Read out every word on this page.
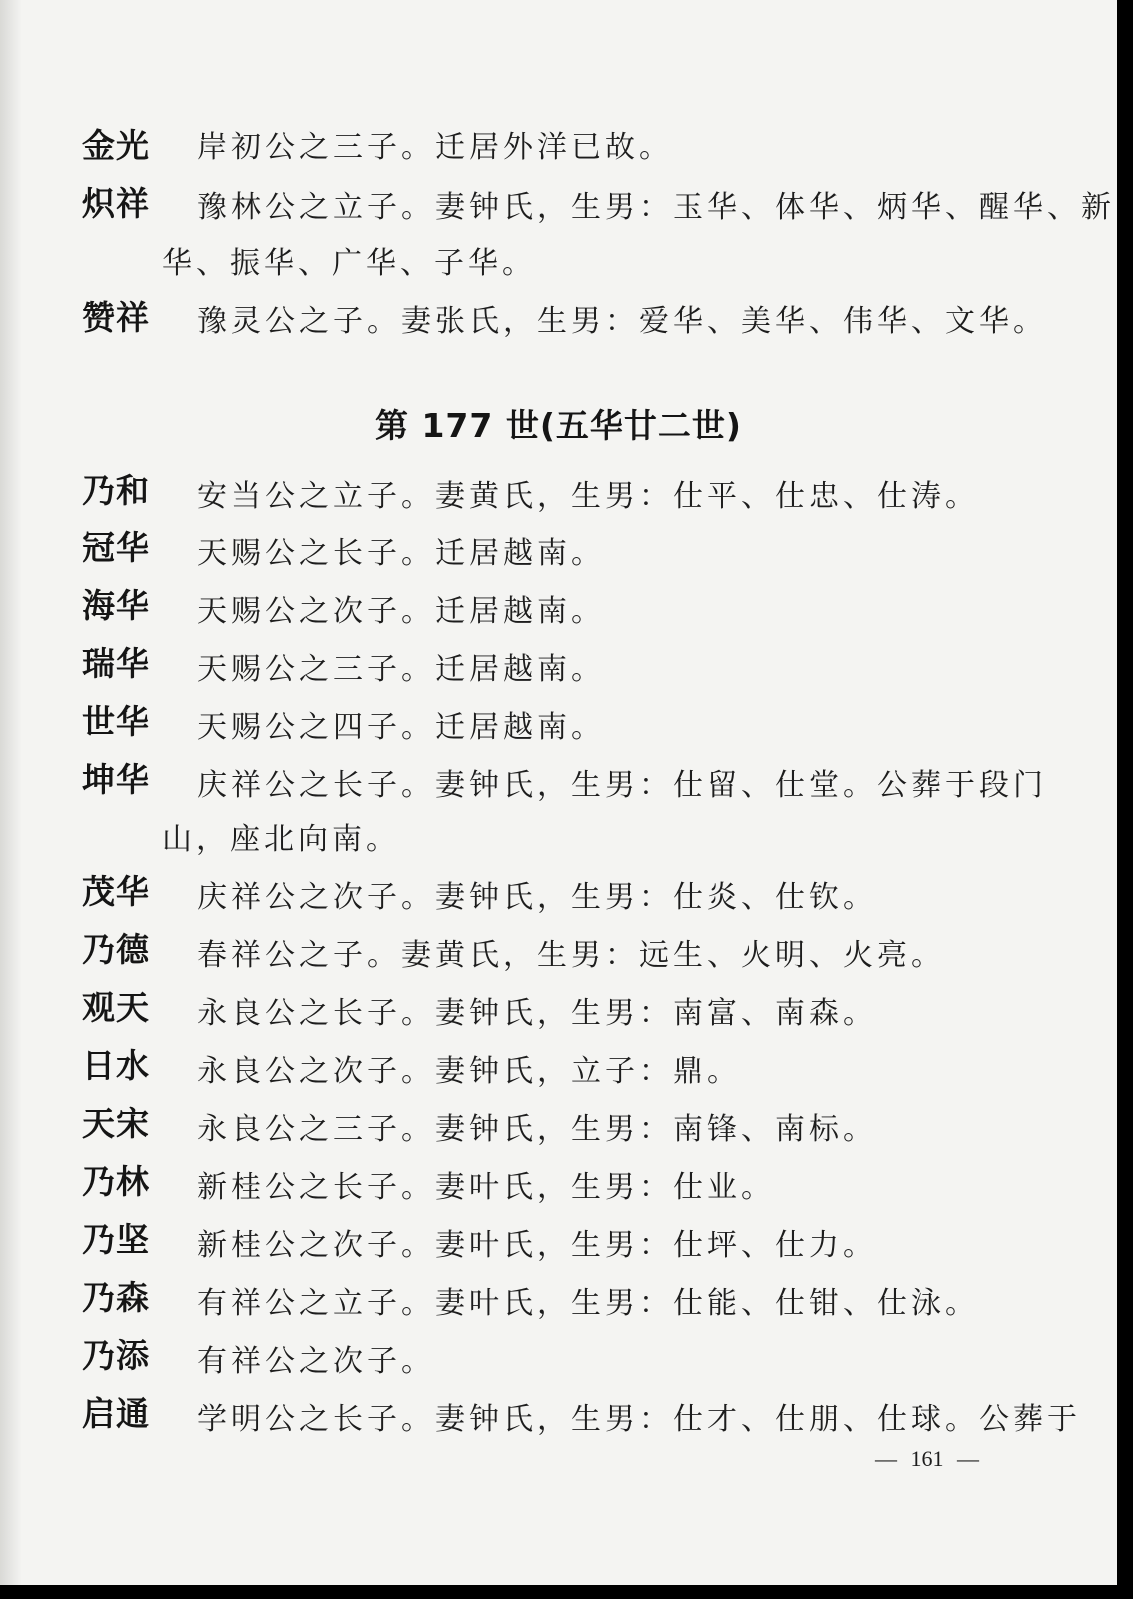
金光 岸初公之三子。迁居外洋已故。
炽祥 豫林公之立子。妻钟氏，生男：玉华、体华、炳华、醒华、新
华、振华、广华、子华。
赞祥 豫灵公之子。妻张氏，生男：爱华、美华、伟华、文华。
第 177 世(五华廿二世)
乃和 安当公之立子。妻黄氏，生男：仕平、仕忠、仕涛。
冠华 天赐公之长子。迁居越南。
海华 天赐公之次子。迁居越南。
瑞华 天赐公之三子。迁居越南。
世华 天赐公之四子。迁居越南。
坤华 庆祥公之长子。妻钟氏，生男：仕留、仕堂。公葬于段门
山，座北向南。
茂华 庆祥公之次子。妻钟氏，生男：仕炎、仕钦。
乃德 春祥公之子。妻黄氏，生男：远生、火明、火亮。
观天 永良公之长子。妻钟氏，生男：南富、南森。
日水 永良公之次子。妻钟氏，立子：鼎。
天宋 永良公之三子。妻钟氏，生男：南锋、南标。
乃林 新桂公之长子。妻叶氏，生男：仕业。
乃坚 新桂公之次子。妻叶氏，生男：仕坪、仕力。
乃森 有祥公之立子。妻叶氏，生男：仕能、仕钳、仕泳。
乃添 有祥公之次子。
启通 学明公之长子。妻钟氏，生男：仕才、仕朋、仕球。公葬于
— 161 —
